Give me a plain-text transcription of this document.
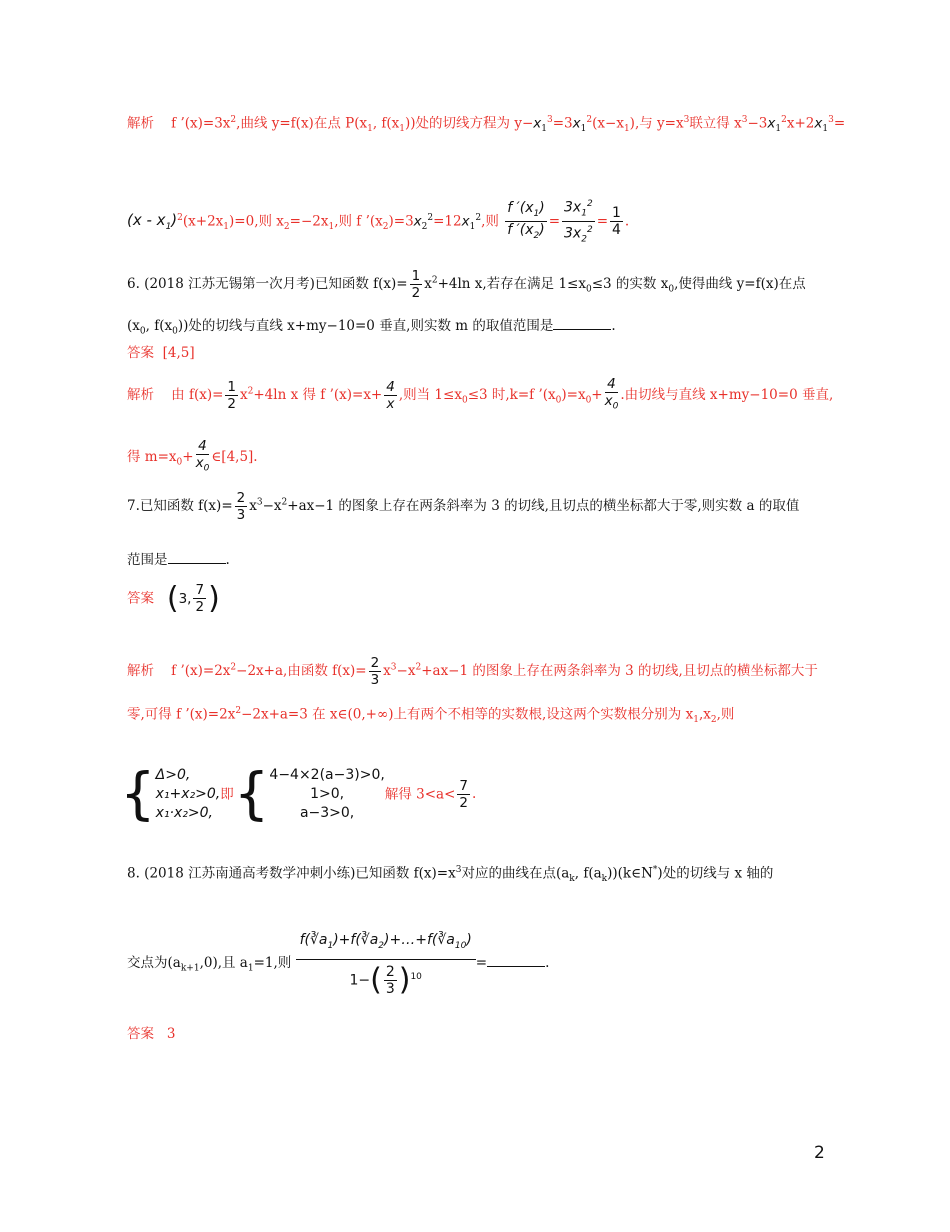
解析 f $’(x)=3x^2$,曲线 y=f(x)在点 $P(x_1$, $f(x_1)$)处的切线方程为 $y-x_1^3=3x_1^2(x-x_1)$,与 $y=x^3$联立得 $x^3-3x_1^2x+2x_1^3=$
$(x - x_1)^2(x+2x_1)=0$,则 $x_2=-2x_1$,则 f $’(x_2)=3x_2^2=12x_1^2$,则 $\frac{f '(x_1)}{f '(x_2)} = \frac{3x_1^2}{3x_2^2} = \frac{1}{4}$ .
6. (2018 江苏无锡第一次月考)已知函数 $f(x)= \frac{1}{2} x^2+4\ln$ x,若存在满足 $1\le x_0\le 3$ 的实数 $x_0$,使得曲线 y=f(x)在点
($x_0$, $f(x_0)$)处的切线与直线 x+my−10=0 垂直,则实数 m 的取值范围是	.
答案 [4,5]
解析 由 $f(x)= \frac{1}{2} x^2+4\ln$ x 得 f ’(x)=x+ $\frac{4}{x}$ ,则当 $1\le x_0\le 3$ 时,k=f $’(x_0)=x_0+ \frac{4}{x_0}$ .由切线与直线 x+my−10=0 垂直,
得 $m=x_0+ \frac{4}{x_0}$ ∈[4,5].
7.已知函数 $f(x)= \frac{2}{3} x^3-x^2+ax-1$ 的图象上存在两条斜率为 3 的切线,且切点的横坐标都大于零,则实数 a 的取值
范围是	.
答案 (3, $\frac{7}{2}$ )
解析 f $’(x)=2x^2-2x+a$,由函数 $f(x)= \frac{2}{3} x^3-x^2+ax-1$ 的图象上存在两条斜率为 3 的切线,且切点的横坐标都大于
零,可得 f $’(x)=2x^2-2x+a=3$ 在 x∈(0,+∞)上有两个不相等的实数根,设这两个实数根分别为 $x_1,x_2$,则
{ Δ>0,
x₁+x₂>0,
x₁·x₂>0,
即{ 4−4×2(a−3)>0,
1>0,
a−3>0,
解得 $3<a< \frac{7}{2}$ .
8. (2018 江苏南通高考数学冲刺小练)已知函数 $f(x)=x^3$对应的曲线在点($a_k$, $f(a_k))(k\in N^*)$处的切线与 x 轴的
交点为$(a_{k+1},0)$,且 $a_1=1$,则 $\frac{f(∛a_1)+f(∛a_2)+\dots+f(∛a_{10})}{1-( \frac{2}{3} )^{10}}$ =	.
答案 3
2
